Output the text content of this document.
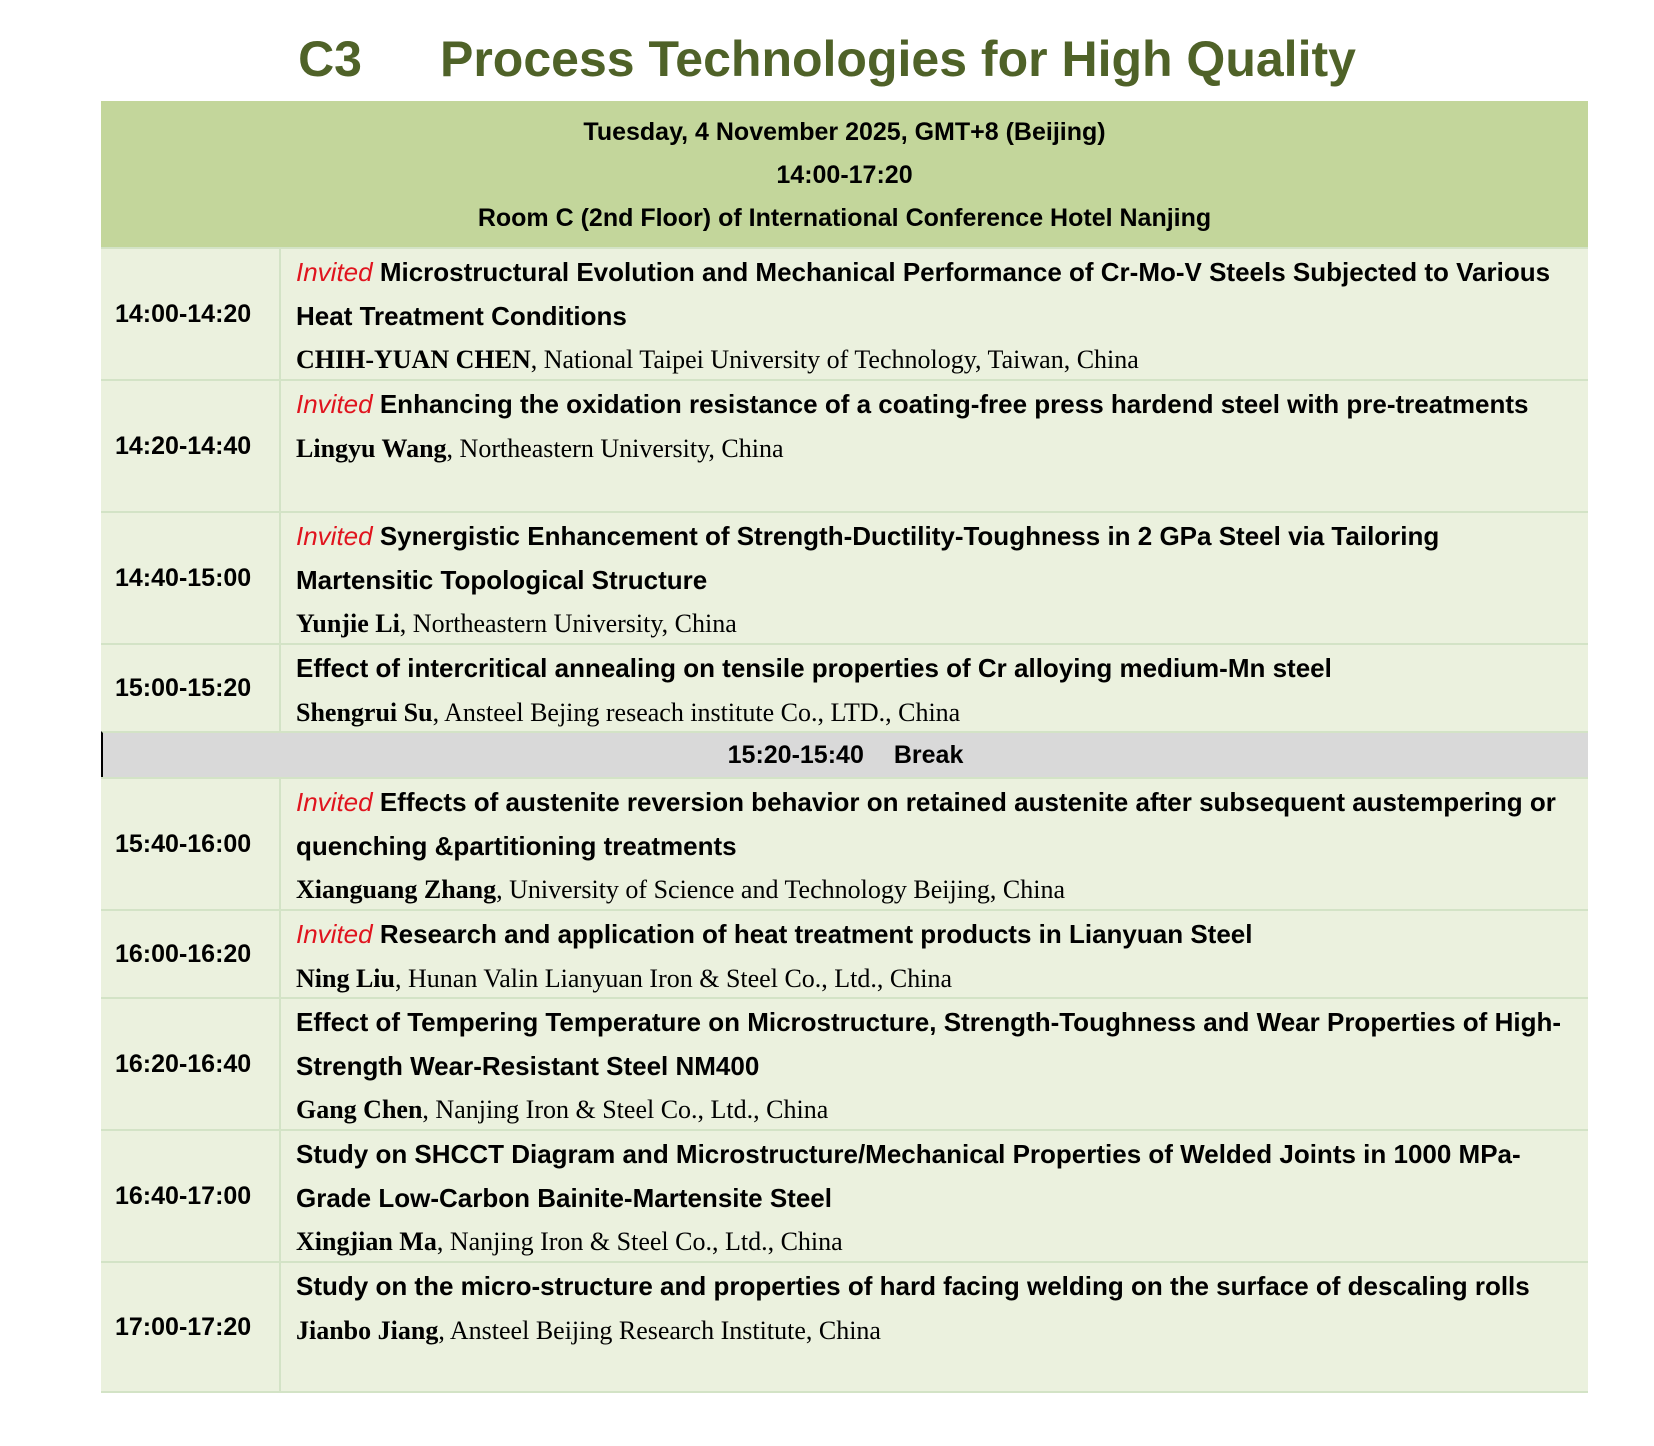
C3 Process Technologies for High Quality
Tuesday, 4 November 2025, GMT+8 (Beijing)
14:00-17:20
Room C (2nd Floor) of International Conference Hotel Nanjing
14:00-14:20
Invited Microstructural Evolution and Mechanical Performance of Cr-Mo-V Steels Subjected to Various Heat Treatment Conditions
CHIH-YUAN CHEN, National Taipei University of Technology, Taiwan, China
14:20-14:40
Invited Enhancing the oxidation resistance of a coating-free press hardend steel with pre-treatments
Lingyu Wang, Northeastern University, China
14:40-15:00
Invited Synergistic Enhancement of Strength-Ductility-Toughness in 2 GPa Steel via Tailoring Martensitic Topological Structure
Yunjie Li, Northeastern University, China
15:00-15:20
Effect of intercritical annealing on tensile properties of Cr alloying medium-Mn steel
Shengrui Su, Ansteel Bejing reseach institute Co., LTD., China
15:20-15:40 Break
15:40-16:00
Invited Effects of austenite reversion behavior on retained austenite after subsequent austempering or quenching &partitioning treatments
Xianguang Zhang, University of Science and Technology Beijing, China
16:00-16:20
Invited Research and application of heat treatment products in Lianyuan Steel
Ning Liu, Hunan Valin Lianyuan Iron & Steel Co., Ltd., China
16:20-16:40
Effect of Tempering Temperature on Microstructure, Strength-Toughness and Wear Properties of High-Strength Wear-Resistant Steel NM400
Gang Chen, Nanjing Iron & Steel Co., Ltd., China
16:40-17:00
Study on SHCCT Diagram and Microstructure/Mechanical Properties of Welded Joints in 1000 MPa-Grade Low-Carbon Bainite-Martensite Steel
Xingjian Ma, Nanjing Iron & Steel Co., Ltd., China
17:00-17:20
Study on the micro-structure and properties of hard facing welding on the surface of descaling rolls
Jianbo Jiang, Ansteel Beijing Research Institute, China
